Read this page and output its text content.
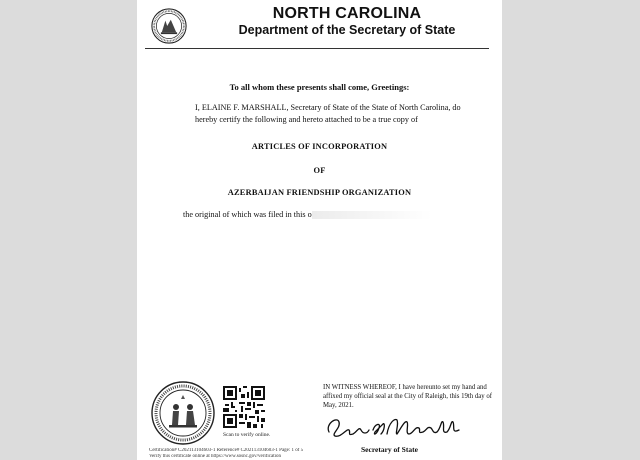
NORTH CAROLINA
Department of the Secretary of State
To all whom these presents shall come, Greetings:
I, ELAINE F. MARSHALL, Secretary of State of the State of North Carolina, do hereby certify the following and hereto attached to be a true copy of
ARTICLES OF INCORPORATION
OF
AZERBAIJAN FRIENDSHIP ORGANIZATION
the original of which was filed in this o
Scan to verify online.
IN WITNESS WHEREOF, I have hereunto set my hand and affixed my official seal at the City of Raleigh, this 19th day of May, 2021.
Secretary of State
Certification# C202113104603-1 Reference# C202113104603-1 Page: 1 of 5
Verify this certificate online at https://www.sosnc.gov/verification
